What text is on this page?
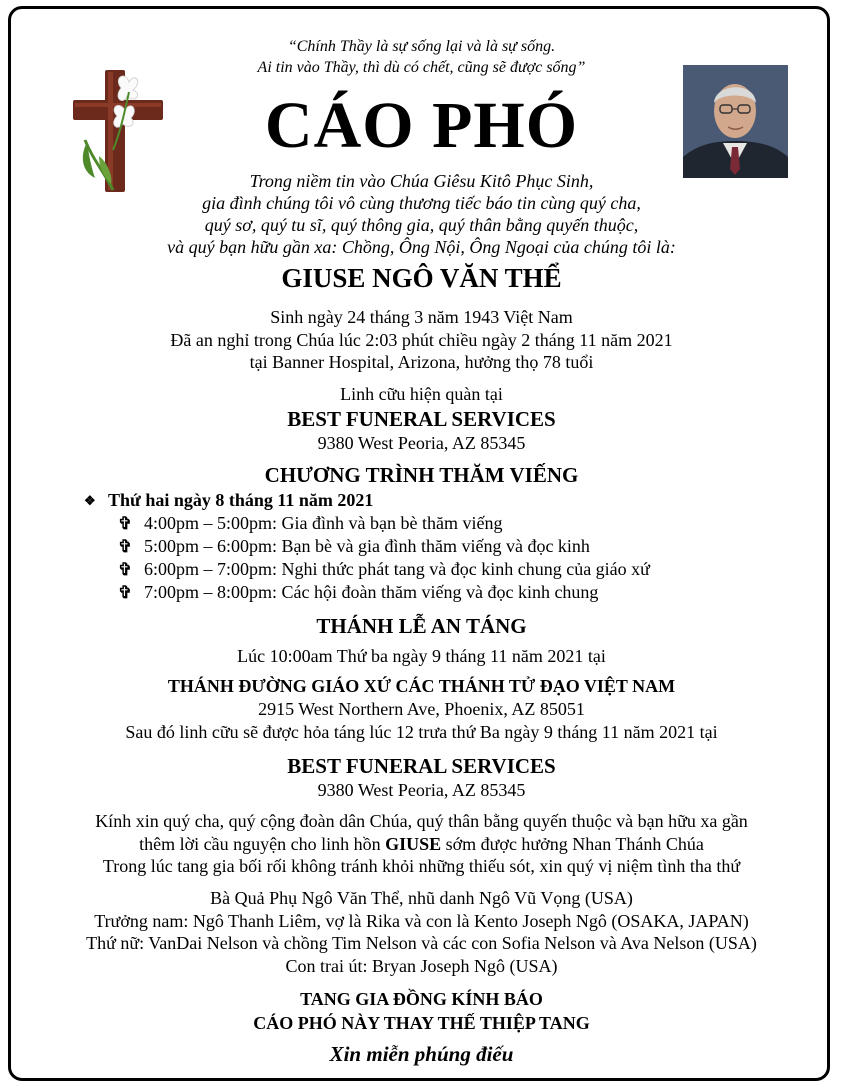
“Chính Thầy là sự sống lại và là sự sống.
Ai tin vào Thầy, thì dù có chết, cũng sẽ được sống”
CÁO PHÓ
Trong niềm tin vào Chúa Giêsu Kitô Phục Sinh,
gia đình chúng tôi vô cùng thương tiếc báo tin cùng quý cha,
quý sơ, quý tu sĩ, quý thông gia, quý thân bằng quyến thuộc,
và quý bạn hữu gần xa: Chồng, Ông Nội, Ông Ngoại của chúng tôi là:
GIUSE NGÔ VĂN THỂ
Sinh ngày 24 tháng 3 năm 1943 Việt Nam
Đã an nghỉ trong Chúa lúc 2:03 phút chiều ngày 2 tháng 11 năm 2021
tại Banner Hospital, Arizona, hưởng thọ 78 tuổi
Linh cữu hiện quàn tại
BEST FUNERAL SERVICES
9380 West Peoria, AZ 85345
CHƯƠNG TRÌNH THĂM VIẾNG
❖ Thứ hai ngày 8 tháng 11 năm 2021
✞ 4:00pm – 5:00pm: Gia đình và bạn bè thăm viếng
✞ 5:00pm – 6:00pm: Bạn bè và gia đình thăm viếng và đọc kinh
✞ 6:00pm – 7:00pm: Nghi thức phát tang và đọc kinh chung của giáo xứ
✞ 7:00pm – 8:00pm: Các hội đoàn thăm viếng và đọc kinh chung
THÁNH LỄ AN TÁNG
Lúc 10:00am Thứ ba ngày 9 tháng 11 năm 2021 tại
THÁNH ĐƯỜNG GIÁO XỨ CÁC THÁNH TỬ ĐẠO VIỆT NAM
2915 West Northern Ave, Phoenix, AZ 85051
Sau đó linh cữu sẽ được hỏa táng lúc 12 trưa thứ Ba ngày 9 tháng 11 năm 2021 tại
BEST FUNERAL SERVICES
9380 West Peoria, AZ 85345
Kính xin quý cha, quý cộng đoàn dân Chúa, quý thân bằng quyến thuộc và bạn hữu xa gần
thêm lời cầu nguyện cho linh hồn GIUSE sớm được hưởng Nhan Thánh Chúa
Trong lúc tang gia bối rối không tránh khỏi những thiếu sót, xin quý vị niệm tình tha thứ
Bà Quả Phụ Ngô Văn Thể, nhũ danh Ngô Vũ Vọng (USA)
Trưởng nam: Ngô Thanh Liêm, vợ là Rika và con là Kento Joseph Ngô (OSAKA, JAPAN)
Thứ nữ: VanDai Nelson và chồng Tim Nelson và các con Sofia Nelson và Ava Nelson (USA)
Con trai út: Bryan Joseph Ngô (USA)
TANG GIA ĐỒNG KÍNH BÁO
CÁO PHÓ NÀY THAY THẾ THIỆP TANG
Xin miễn phúng điếu
